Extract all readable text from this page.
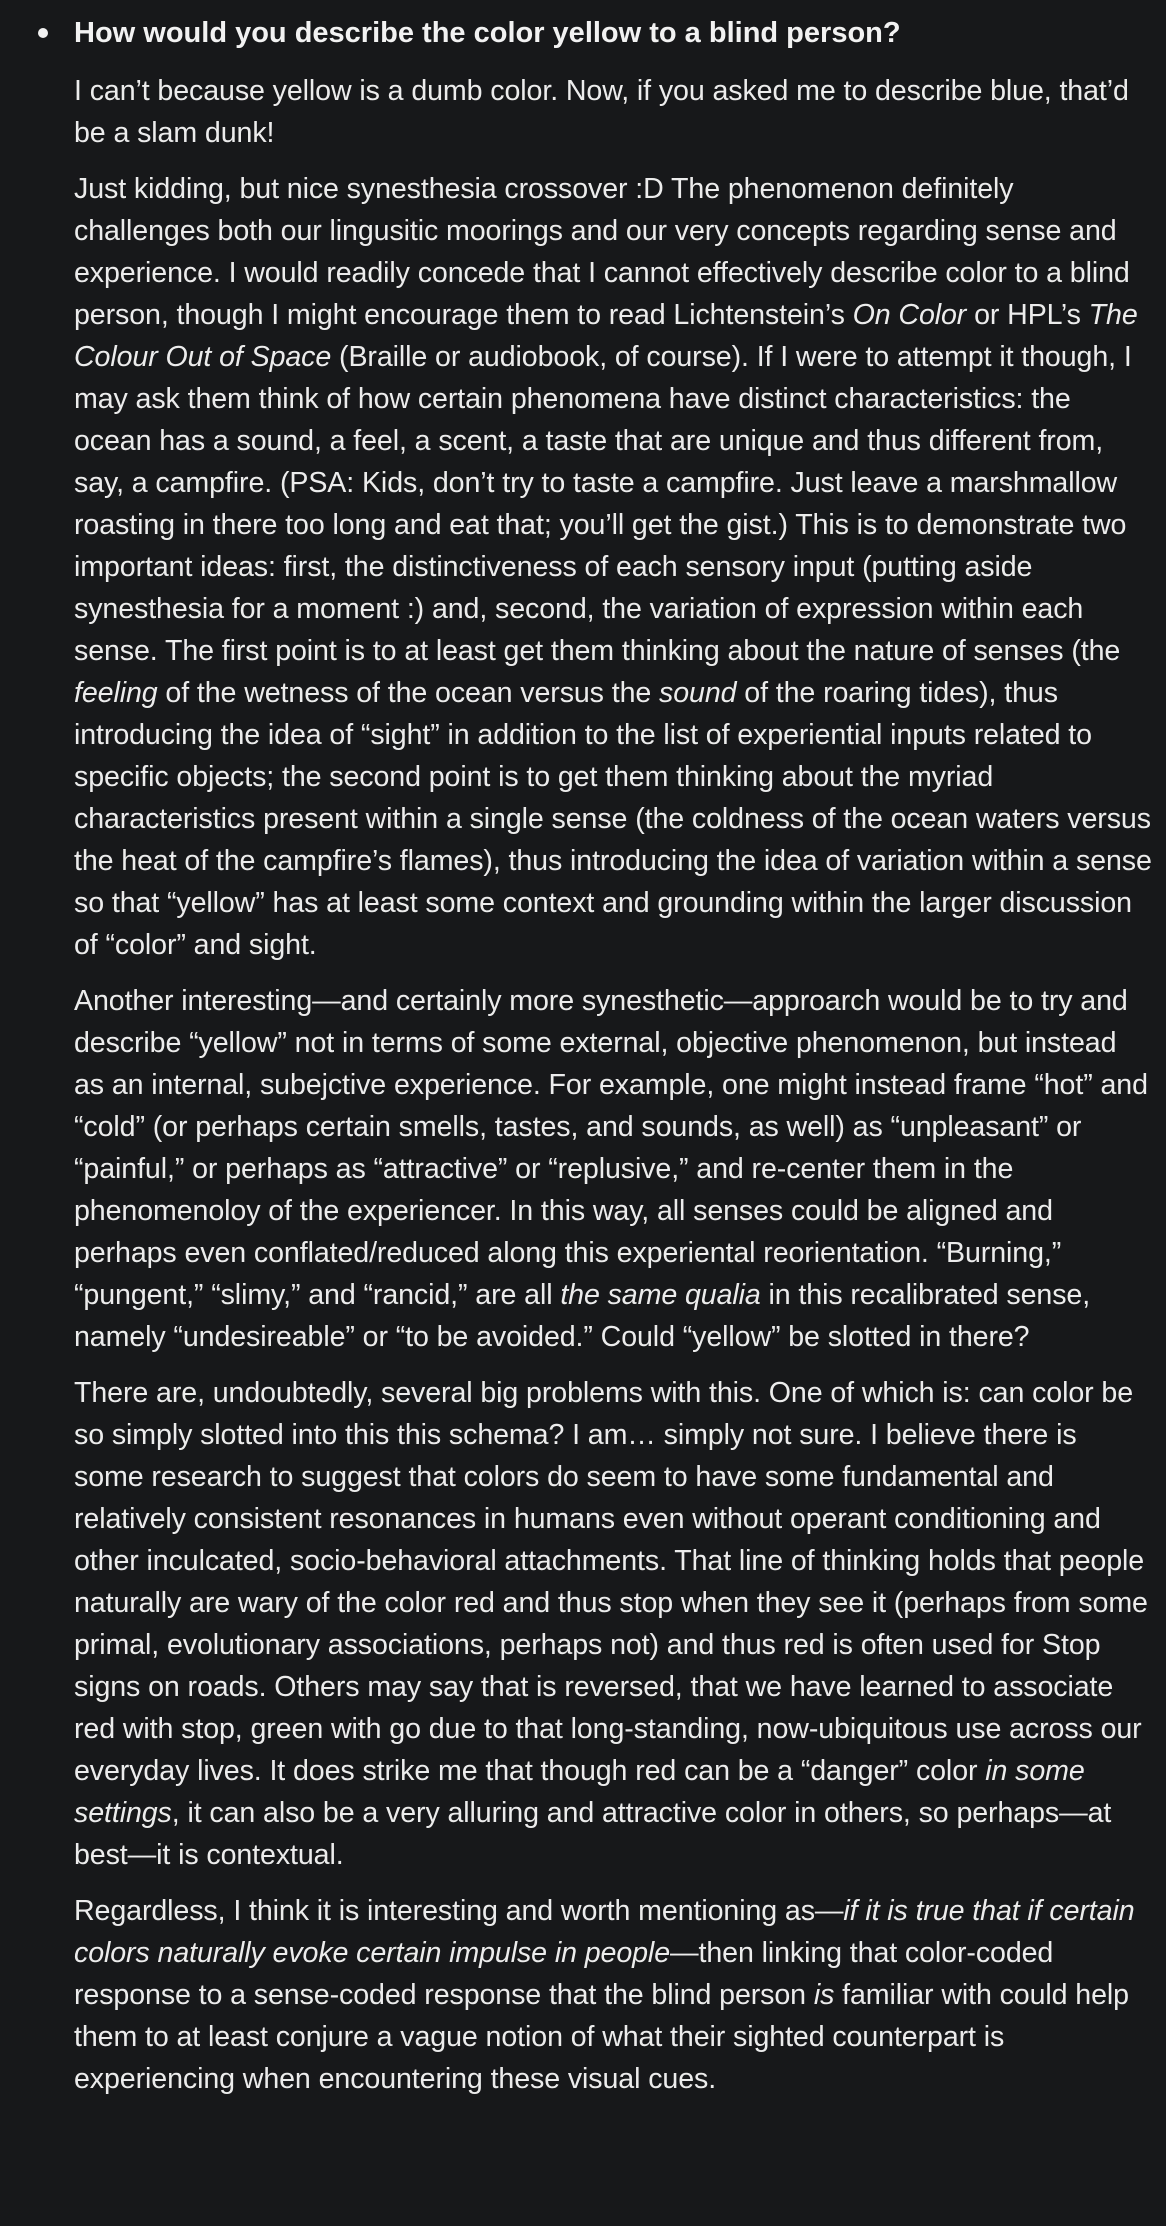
How would you describe the color yellow to a blind person?

I can’t because yellow is a dumb color. Now, if you asked me to describe blue, that’d be a slam dunk!

Just kidding, but nice synesthesia crossover :D The phenomenon definitely challenges both our lingusitic moorings and our very concepts regarding sense and experience. I would readily concede that I cannot effectively describe color to a blind person, though I might encourage them to read Lichtenstein’s On Color or HPL’s The Colour Out of Space (Braille or audiobook, of course). If I were to attempt it though, I may ask them think of how certain phenomena have distinct characteristics: the ocean has a sound, a feel, a scent, a taste that are unique and thus different from, say, a campfire. (PSA: Kids, don’t try to taste a campfire. Just leave a marshmallow roasting in there too long and eat that; you’ll get the gist.) This is to demonstrate two important ideas: first, the distinctiveness of each sensory input (putting aside synesthesia for a moment :) and, second, the variation of expression within each sense. The first point is to at least get them thinking about the nature of senses (the feeling of the wetness of the ocean versus the sound of the roaring tides), thus introducing the idea of “sight” in addition to the list of experiential inputs related to specific objects; the second point is to get them thinking about the myriad characteristics present within a single sense (the coldness of the ocean waters versus the heat of the campfire’s flames), thus introducing the idea of variation within a sense so that “yellow” has at least some context and grounding within the larger discussion of “color” and sight.

Another interesting—and certainly more synesthetic—approarch would be to try and describe “yellow” not in terms of some external, objective phenomenon, but instead as an internal, subejctive experience. For example, one might instead frame “hot” and “cold” (or perhaps certain smells, tastes, and sounds, as well) as “unpleasant” or “painful,” or perhaps as “attractive” or “replusive,” and re-center them in the phenomenoloy of the experiencer. In this way, all senses could be aligned and perhaps even conflated/reduced along this experiental reorientation. “Burning,” “pungent,” “slimy,” and “rancid,” are all the same qualia in this recalibrated sense, namely “undesireable” or “to be avoided.” Could “yellow” be slotted in there?

There are, undoubtedly, several big problems with this. One of which is: can color be so simply slotted into this this schema? I am… simply not sure. I believe there is some research to suggest that colors do seem to have some fundamental and relatively consistent resonances in humans even without operant conditioning and other inculcated, socio-behavioral attachments. That line of thinking holds that people naturally are wary of the color red and thus stop when they see it (perhaps from some primal, evolutionary associations, perhaps not) and thus red is often used for Stop signs on roads. Others may say that is reversed, that we have learned to associate red with stop, green with go due to that long-standing, now-ubiquitous use across our everyday lives. It does strike me that though red can be a “danger” color in some settings, it can also be a very alluring and attractive color in others, so perhaps—at best—it is contextual.

Regardless, I think it is interesting and worth mentioning as—if it is true that if certain colors naturally evoke certain impulse in people—then linking that color-coded response to a sense-coded response that the blind person is familiar with could help them to at least conjure a vague notion of what their sighted counterpart is experiencing when encountering these visual cues.
